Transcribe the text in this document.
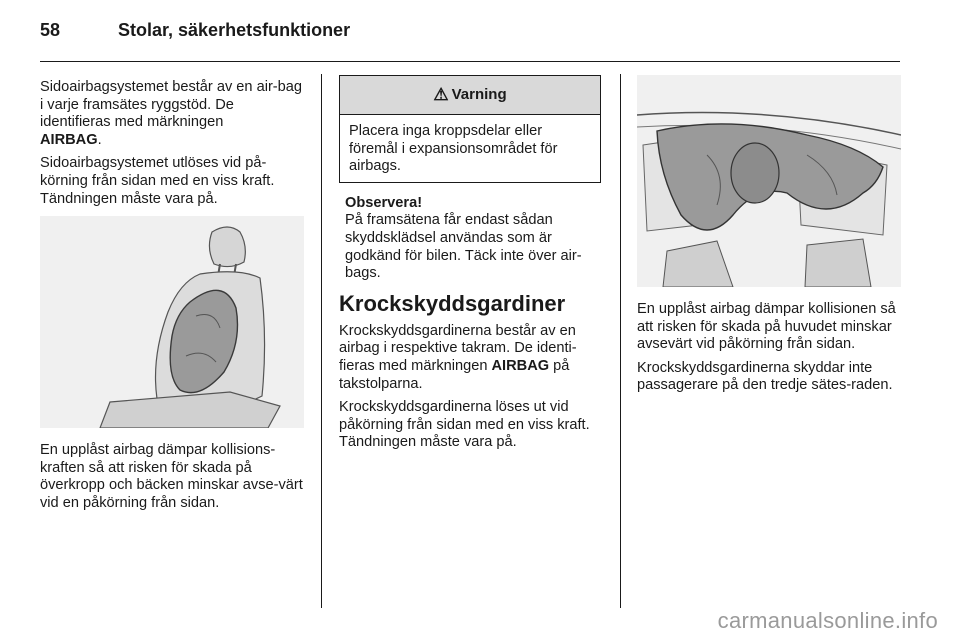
58	Stolar, säkerhetsfunktioner

Sidoairbagsystemet består av en air-bag i varje framsätes ryggstöd. De identifieras med märkningen
AIRBAG.

Sidoairbagsystemet utlöses vid på-körning från sidan med en viss kraft. Tändningen måste vara på.

En upplåst airbag dämpar kollisions-kraften så att risken för skada på överkropp och bäcken minskar avse-värt vid en påkörning från sidan.

⚠ Varning
Placera inga kroppsdelar eller föremål i expansionsområdet för airbags.
Observera!
På framsätena får endast sådan skyddsklädsel användas som är godkänd för bilen. Täck inte över air-bags.
Krockskyddsgardiner

Krockskyddsgardinerna består av en airbag i respektive takram. De identi-fieras med märkningen AIRBAG på takstolparna.

Krockskyddsgardinerna löses ut vid påkörning från sidan med en viss kraft. Tändningen måste vara på.

En upplåst airbag dämpar kollisionen så att risken för skada på huvudet minskar avsevärt vid påkörning från sidan.

Krockskyddsgardinerna skyddar inte passagerare på den tredje sätes-raden.

carmanualsonline.info
